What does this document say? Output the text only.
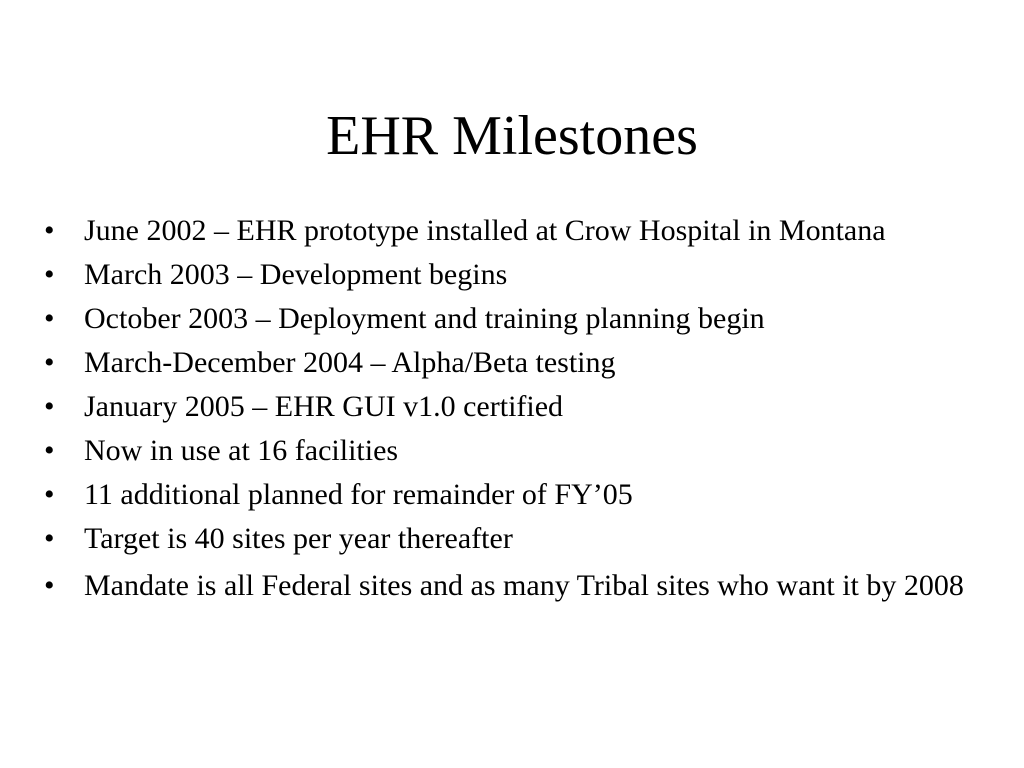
EHR Milestones
• June 2002 – EHR prototype installed at Crow Hospital in Montana
• March 2003 – Development begins
• October 2003 – Deployment and training planning begin
• March-December 2004 – Alpha/Beta testing
• January 2005 – EHR GUI v1.0 certified
• Now in use at 16 facilities
• 11 additional planned for remainder of FY’05
• Target is 40 sites per year thereafter
• Mandate is all Federal sites and as many Tribal sites who want it by 2008
